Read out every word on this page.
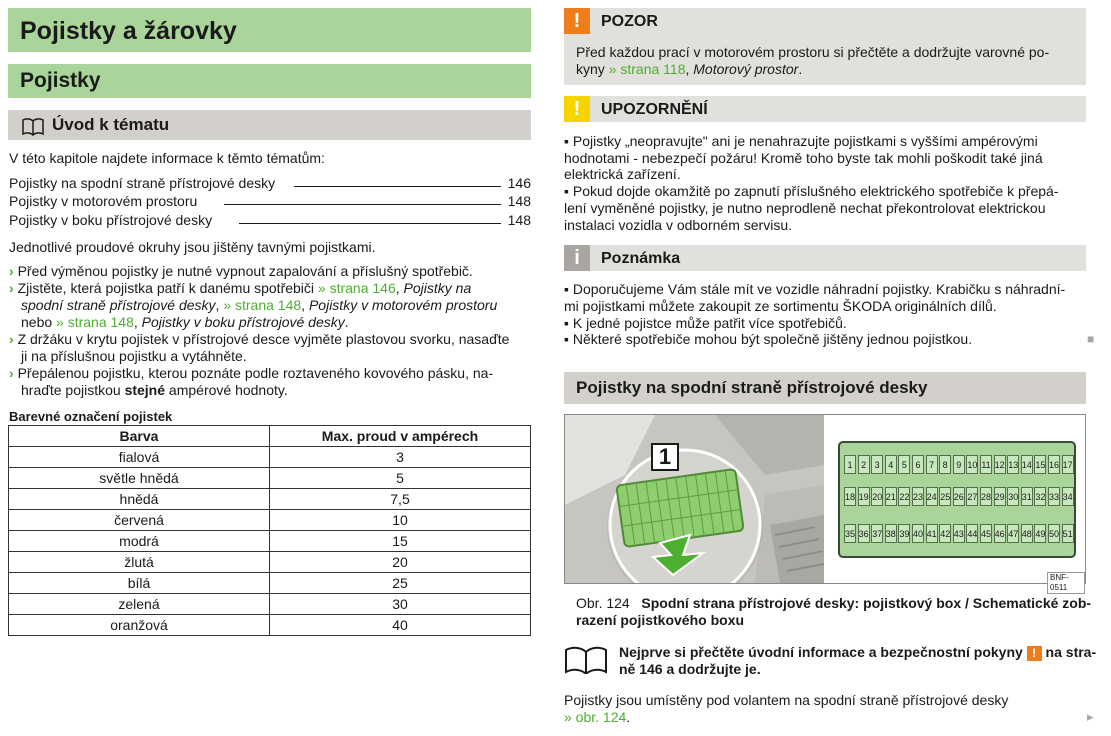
Pojistky a žárovky
Pojistky
Úvod k tématu
V této kapitole najdete informace k těmto tématům:
Pojistky na spodní straně přístrojové desky	146
Pojistky v motorovém prostoru	148
Pojistky v boku přístrojové desky	148
Jednotlivé proudové okruhy jsou jištěny tavnými pojistkami.
› Před výměnou pojistky je nutné vypnout zapalování a příslušný spotřebič.
› Zjistěte, která pojistka patří k danému spotřebiči » strana 146, Pojistky na
spodní straně přístrojové desky, » strana 148, Pojistky v motorovém prostoru
nebo » strana 148, Pojistky v boku přístrojové desky.
› Z držáku v krytu pojistek v přístrojové desce vyjměte plastovou svorku, nasaďte
ji na příslušnou pojistku a vytáhněte.
› Přepálenou pojistku, kterou poznáte podle roztaveného kovového pásku, na-
hraďte pojistkou stejné ampérové hodnoty.
Barevné označení pojistek
Barva	Max. proud v ampérech
fialová	3
světle hnědá	5
hnědá	7,5
červená	10
modrá	15
žlutá	20
bílá	25
zelená	30
oranžová	40
!	POZOR
Před každou prací v motorovém prostoru si přečtěte a dodržujte varovné po-
kyny » strana 118, Motorový prostor.
!	UPOZORNĚNÍ
▪ Pojistky „neopravujte" ani je nenahrazujte pojistkami s vyššími ampérovými
hodnotami - nebezpečí požáru! Kromě toho byste tak mohli poškodit také jiná
elektrická zařízení.
▪ Pokud dojde okamžitě po zapnutí příslušného elektrického spotřebiče k přepá-
lení vyměněné pojistky, je nutno neprodleně nechat překontrolovat elektrickou
instalaci vozidla v odborném servisu.
i	Poznámka
▪ Doporučujeme Vám stále mít ve vozidle náhradní pojistky. Krabičku s náhradní-
mi pojistkami můžete zakoupit ze sortimentu ŠKODA originálních dílů.
▪ K jedné pojistce může patřit více spotřebičů.
▪ Některé spotřebiče mohou být společně jištěny jednou pojistkou.	■
Pojistky na spodní straně přístrojové desky
1
BNF-0511
1 2 3 4 5 6 7 8 9 10 11 12 13 14 15 16 17
18 19 20 21 22 23 24 25 26 27 28 29 30 31 32 33 34
35 36 37 38 39 40 41 42 43 44 45 46 47 48 49 50 51
Obr. 124 Spodní strana přístrojové desky: pojistkový box / Schematické zob-
razení pojistkového boxu
Nejprve si přečtěte úvodní informace a bezpečnostní pokyny ! na stra-
ně 146 a dodržujte je.
Pojistky jsou umístěny pod volantem na spodní straně přístrojové desky
» obr. 124.	▸
